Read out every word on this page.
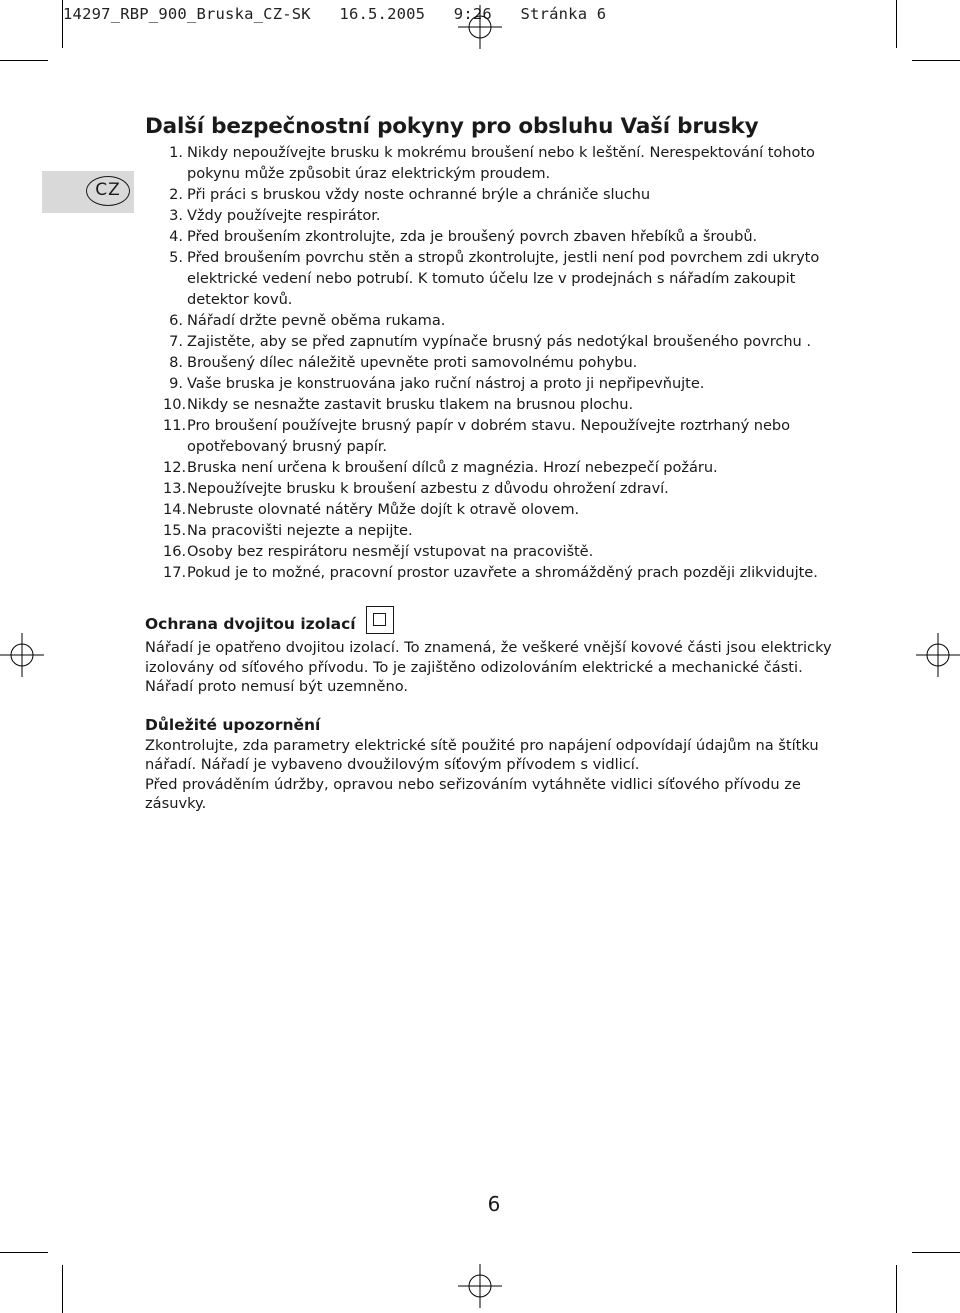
14297_RBP_900_Bruska_CZ-SK   16.5.2005   9:26   Stránka 6
CZ
Další bezpečnostní pokyny pro obsluhu Vaší brusky
1. Nikdy nepoužívejte brusku k mokrému broušení nebo k leštění. Nerespektování tohoto pokynu může způsobit úraz elektrickým proudem.
2. Při práci s bruskou vždy noste ochranné brýle a chrániče sluchu
3. Vždy používejte respirátor.
4. Před broušením zkontrolujte, zda je broušený povrch zbaven hřebíků a šroubů.
5. Před broušením povrchu stěn a stropů zkontrolujte, jestli není pod povrchem zdi ukryto elektrické vedení nebo potrubí. K tomuto účelu lze v prodejnách s nářadím zakoupit detektor kovů.
6. Nářadí držte pevně oběma rukama.
7. Zajistěte, aby se před zapnutím vypínače brusný pás nedotýkal broušeného povrchu .
8. Broušený dílec náležitě upevněte proti samovolnému pohybu.
9. Vaše bruska je konstruována jako ruční nástroj a proto ji nepřipevňujte.
10. Nikdy se nesnažte zastavit brusku tlakem na brusnou plochu.
11. Pro broušení používejte brusný papír v dobrém stavu. Nepoužívejte roztrhaný nebo opotřebovaný brusný papír.
12. Bruska není určena k broušení dílců z magnézia. Hrozí nebezpečí požáru.
13. Nepoužívejte brusku k broušení azbestu z důvodu ohrožení zdraví.
14. Nebruste olovnaté nátěry Může dojít k otravě olovem.
15. Na pracovišti nejezte a nepijte.
16. Osoby bez respirátoru nesmějí vstupovat na pracoviště.
17. Pokud je to možné, pracovní prostor uzavřete a shromážděný prach později zlikvidujte.
Ochrana dvojitou izolací
Nářadí je opatřeno dvojitou izolací. To znamená, že veškeré vnější kovové části jsou elektricky izolovány od síťového přívodu. To je zajištěno odizolováním elektrické a mechanické části. Nářadí proto nemusí být uzemněno.
Důležité upozornění
Zkontrolujte, zda parametry elektrické sítě použité pro napájení odpovídají údajům na štítku nářadí. Nářadí je vybaveno dvoužilovým síťovým přívodem s vidlicí.
Před prováděním údržby, opravou nebo seřizováním vytáhněte vidlici síťového přívodu ze zásuvky.
6
